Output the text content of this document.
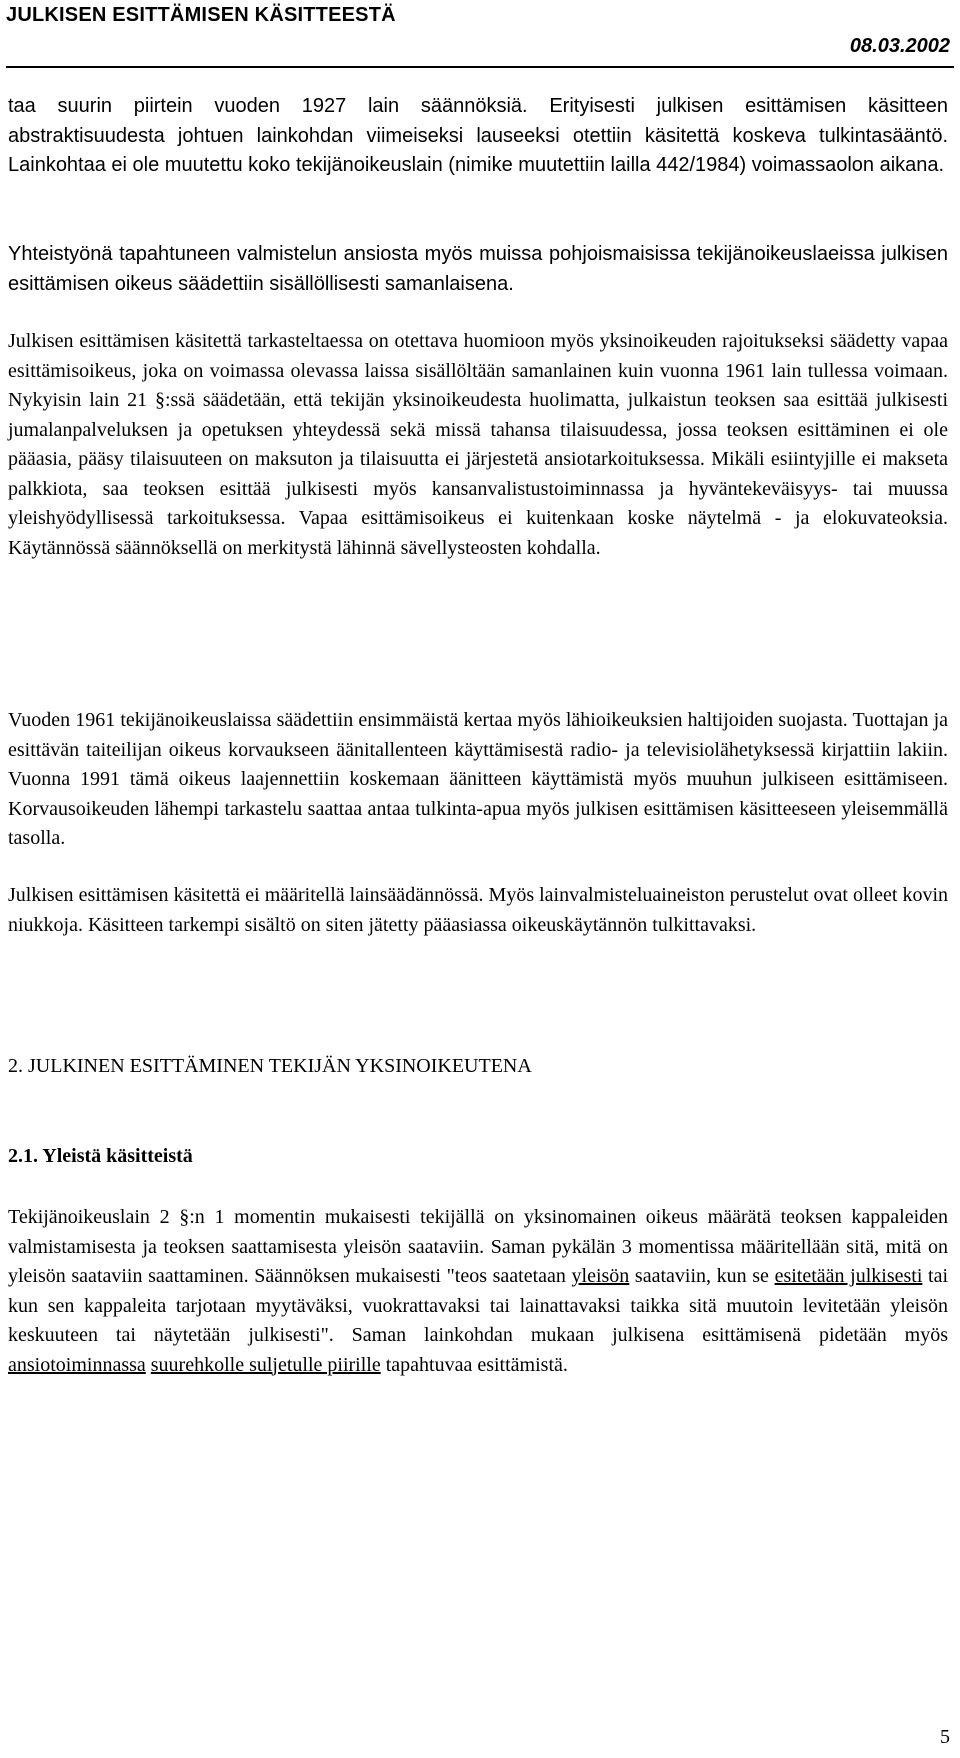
JULKISEN ESITTÄMISEN KÄSITTEESTÄ
08.03.2002

taa suurin piirtein vuoden 1927 lain säännöksiä. Erityisesti julkisen esittämisen käsitteen abstraktisuudesta johtuen lainkohdan viimeiseksi lauseeksi otettiin käsitettä koskeva tulkintasääntö. Lainkohtaa ei ole muutettu koko tekijänoikeuslain (nimike muutettiin lailla 442/1984) voimassaolon aikana.

Yhteistyönä tapahtuneen valmistelun ansiosta myös muissa pohjoismaisissa tekijänoikeuslaeissa julkisen esittämisen oikeus säädettiin sisällöllisesti samanlaisena.

Julkisen esittämisen käsitettä tarkasteltaessa on otettava huomioon myös yksinoikeuden rajoitukseksi säädetty vapaa esittämisoikeus, joka on voimassa olevassa laissa sisällöltään samanlainen kuin vuonna 1961 lain tullessa voimaan. Nykyisin lain 21 §:ssä säädetään, että tekijän yksinoikeudesta huolimatta, julkaistun teoksen saa esittää julkisesti jumalanpalveluksen ja opetuksen yhteydessä sekä missä tahansa tilaisuudessa, jossa teoksen esittäminen ei ole pääasia, pääsy tilaisuuteen on maksuton ja tilaisuutta ei järjestetä ansiotarkoituksessa. Mikäli esiintyjille ei makseta palkkiota, saa teoksen esittää julkisesti myös kansanvalistustoiminnassa ja hyväntekeväisyys- tai muussa yleishyödyllisessä tarkoituksessa. Vapaa esittämisoikeus ei kuitenkaan koske näytelmä - ja elokuvateoksia. Käytännössä säännöksellä on merkitystä lähinnä sävellysteosten kohdalla.

Vuoden 1961 tekijänoikeuslaissa säädettiin ensimmäistä kertaa myös lähioikeuksien haltijoiden suojasta. Tuottajan ja esittävän taiteilijan oikeus korvaukseen äänitallenteen käyttämisestä radio- ja televisiolähetyksessä kirjattiin lakiin. Vuonna 1991 tämä oikeus laajennettiin koskemaan äänitteen käyttämistä myös muuhun julkiseen esittämiseen. Korvausoikeuden lähempi tarkastelu saattaa antaa tulkinta-apua myös julkisen esittämisen käsitteeseen yleisemmällä tasolla.

Julkisen esittämisen käsitettä ei määritellä lainsäädännössä. Myös lainvalmisteluaineiston perustelut ovat olleet kovin niukkoja. Käsitteen tarkempi sisältö on siten jätetty pääasiassa oikeuskäytännön tulkittavaksi.

2. JULKINEN ESITTÄMINEN TEKIJÄN YKSINOIKEUTENA
2.1. Yleistä käsitteistä

Tekijänoikeuslain 2 §:n 1 momentin mukaisesti tekijällä on yksinomainen oikeus määrätä teoksen kappaleiden valmistamisesta ja teoksen saattamisesta yleisön saataviin. Saman pykälän 3 momentissa määritellään sitä, mitä on yleisön saataviin saattaminen. Säännöksen mukaisesti "teos saatetaan yleisön saataviin, kun se esitetään julkisesti tai kun sen kappaleita tarjotaan myytäväksi, vuokrattavaksi tai lainattavaksi taikka sitä muutoin levitetään yleisön keskuuteen tai näytetään julkisesti". Saman lainkohdan mukaan julkisena esittämisenä pidetään myös ansiotoiminnassa suurehkolle suljetulle piirille tapahtuvaa esittämistä.

5
